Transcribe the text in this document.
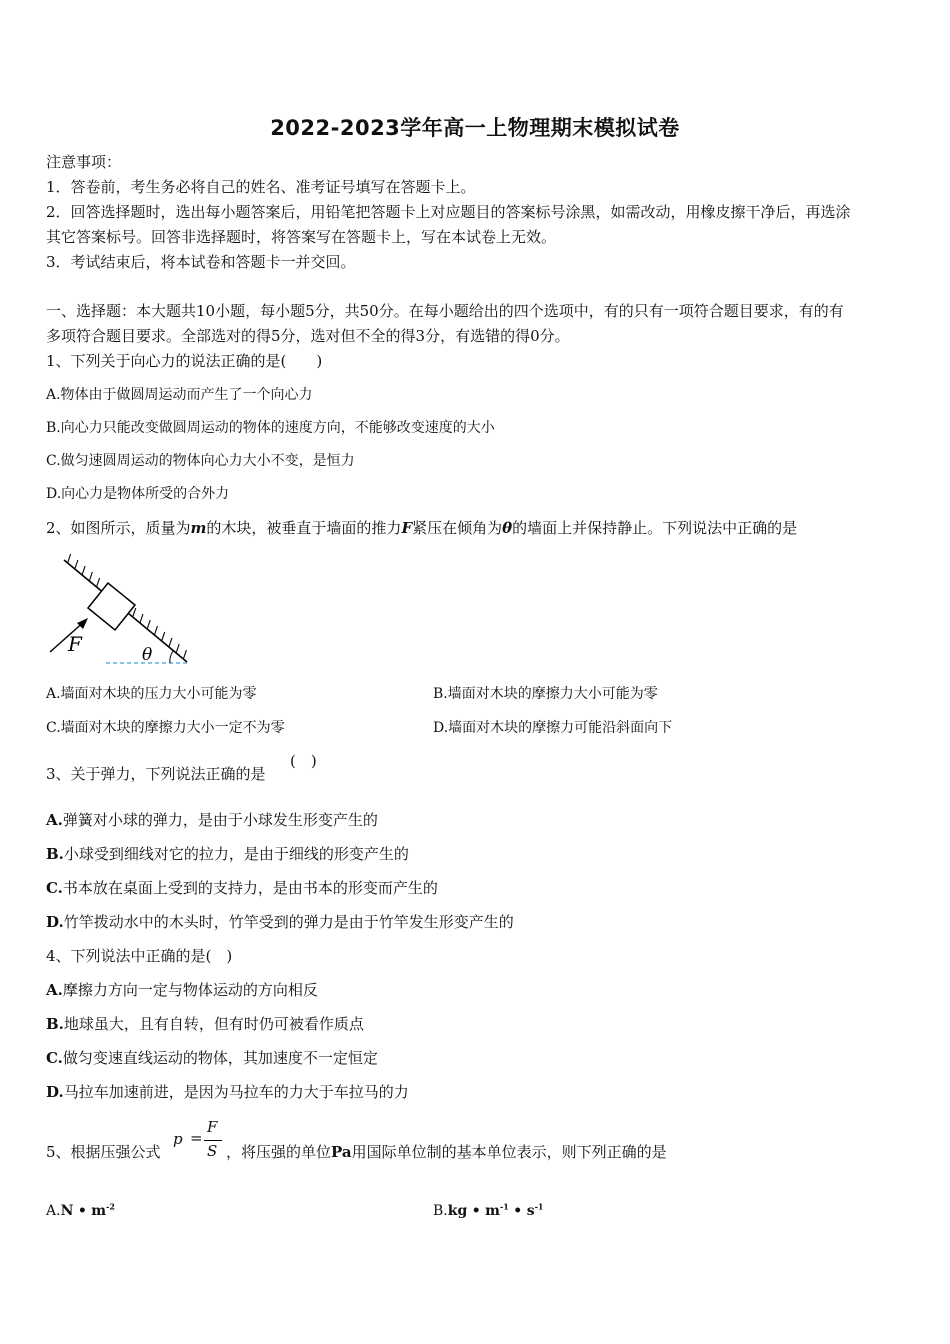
2022-2023学年高一上物理期末模拟试卷
注意事项：
1．答卷前，考生务必将自己的姓名、准考证号填写在答题卡上。
2．回答选择题时，选出每小题答案后，用铅笔把答题卡上对应题目的答案标号涂黑，如需改动，用橡皮擦干净后，再选涂
其它答案标号。回答非选择题时，将答案写在答题卡上，写在本试卷上无效。
3．考试结束后，将本试卷和答题卡一并交回。
一、选择题：本大题共10小题，每小题5分，共50分。在每小题给出的四个选项中，有的只有一项符合题目要求，有的有
多项符合题目要求。全部选对的得5分，选对但不全的得3分，有选错的得0分。
1、下列关于向心力的说法正确的是(　　)
A.物体由于做圆周运动而产生了一个向心力
B.向心力只能改变做圆周运动的物体的速度方向，不能够改变速度的大小
C.做匀速圆周运动的物体向心力大小不变，是恒力
D.向心力是物体所受的合外力
2、如图所示，质量为m的木块，被垂直于墙面的推力F紧压在倾角为θ的墙面上并保持静止。下列说法中正确的是
F	θ
A.墙面对木块的压力大小可能为零	B.墙面对木块的摩擦力大小可能为零
C.墙面对木块的摩擦力大小一定不为零	D.墙面对木块的摩擦力可能沿斜面向下
3、关于弹力，下列说法正确的是
(　)
A.弹簧对小球的弹力，是由于小球发生形变产生的
B.小球受到细线对它的拉力，是由于细线的形变产生的
C.书本放在桌面上受到的支持力，是由书本的形变而产生的
D.竹竿拨动水中的木头时，竹竿受到的弹力是由于竹竿发生形变产生的
4、下列说法中正确的是(　)
A.摩擦力方向一定与物体运动的方向相反
B.地球虽大，且有自转，但有时仍可被看作质点
C.做匀变速直线运动的物体，其加速度不一定恒定
D.马拉车加速前进，是因为马拉车的力大于车拉马的力
5、根据压强公式
p =
F
S ，将压强的单位Pa用国际单位制的基本单位表示，则下列正确的是
A.N • $m^{-2}$	B.kg • $m^{-1}$ • $s^{-1}$
